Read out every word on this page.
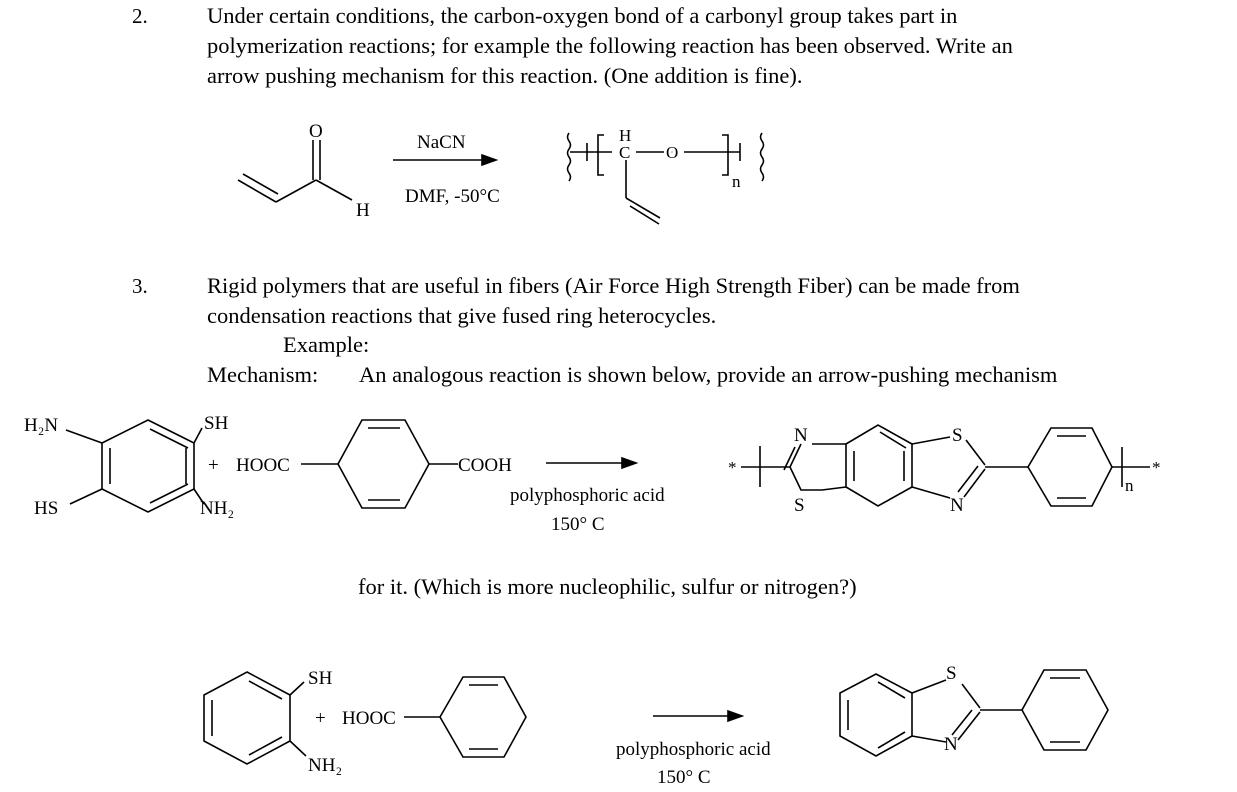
2.	Under certain conditions, the carbon-oxygen bond of a carbonyl group takes part in
polymerization reactions; for example the following reaction has been observed. Write an
arrow pushing mechanism for this reaction. (One addition is fine).
3.	Rigid polymers that are useful in fibers (Air Force High Strength Fiber) can be made from
condensation reactions that give fused ring heterocycles.
Example:
Mechanism: An analogous reaction is shown below, provide an arrow-pushing mechanism
for it. (Which is more nucleophilic, sulfur or nitrogen?)
O
H
NaCN
DMF, -50°C
H
C O
n
H₂N	SH
HS	NH₂
+ HOOC	COOH
polyphosphoric acid
150° C
N	S
S	N
*	*
n
SH
NH₂
+ HOOC
polyphosphoric acid
150° C
S
N
